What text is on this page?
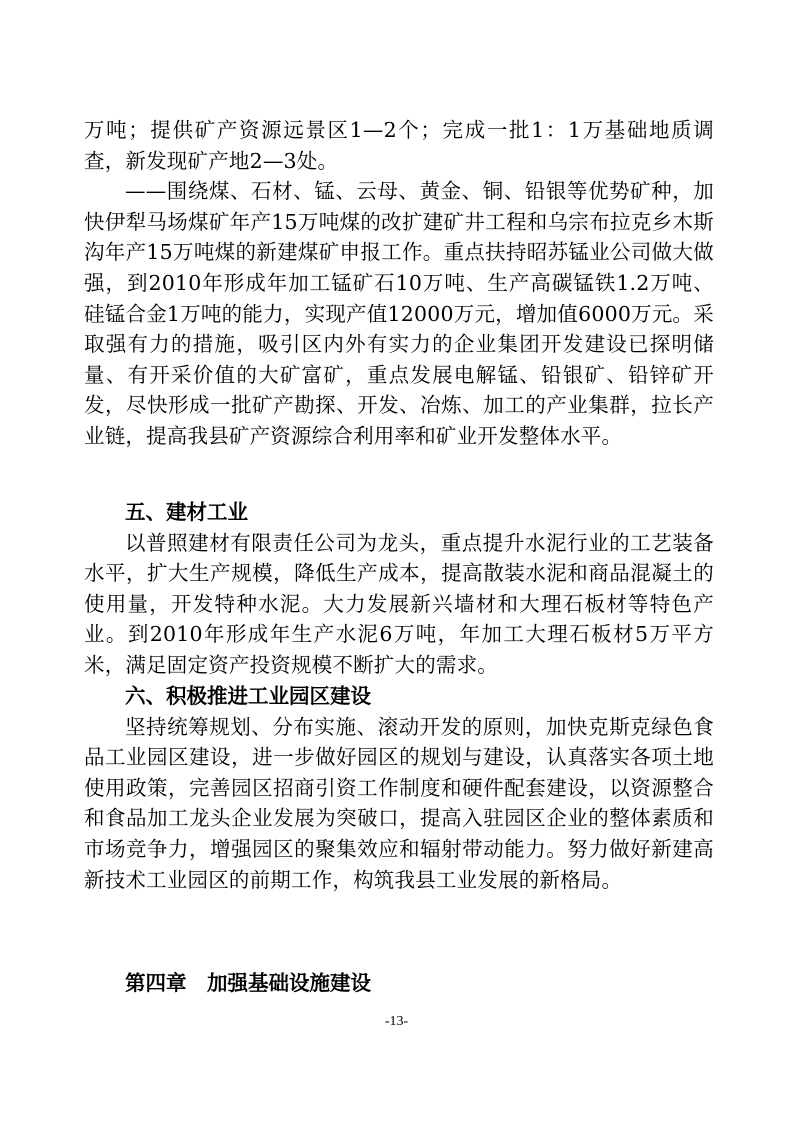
万吨；提供矿产资源远景区1—2个；完成一批1：1万基础地质调查，新发现矿产地2—3处。

——围绕煤、石材、锰、云母、黄金、铜、铅银等优势矿种，加快伊犁马场煤矿年产15万吨煤的改扩建矿井工程和乌宗布拉克乡木斯沟年产15万吨煤的新建煤矿申报工作。重点扶持昭苏锰业公司做大做强，到2010年形成年加工锰矿石10万吨、生产高碳锰铁1.2万吨、硅锰合金1万吨的能力，实现产值12000万元，增加值6000万元。采取强有力的措施，吸引区内外有实力的企业集团开发建设已探明储量、有开采价值的大矿富矿，重点发展电解锰、铅银矿、铅锌矿开发，尽快形成一批矿产勘探、开发、冶炼、加工的产业集群，拉长产业链，提高我县矿产资源综合利用率和矿业开发整体水平。

五、建材工业

以普照建材有限责任公司为龙头，重点提升水泥行业的工艺装备水平，扩大生产规模，降低生产成本，提高散装水泥和商品混凝土的使用量，开发特种水泥。大力发展新兴墙材和大理石板材等特色产业。到2010年形成年生产水泥6万吨，年加工大理石板材5万平方米，满足固定资产投资规模不断扩大的需求。

六、积极推进工业园区建设

坚持统筹规划、分布实施、滚动开发的原则，加快克斯克绿色食品工业园区建设，进一步做好园区的规划与建设，认真落实各项土地使用政策，完善园区招商引资工作制度和硬件配套建设，以资源整合和食品加工龙头企业发展为突破口，提高入驻园区企业的整体素质和市场竞争力，增强园区的聚集效应和辐射带动能力。努力做好新建高新技术工业园区的前期工作，构筑我县工业发展的新格局。

第四章　加强基础设施建设
-13-
